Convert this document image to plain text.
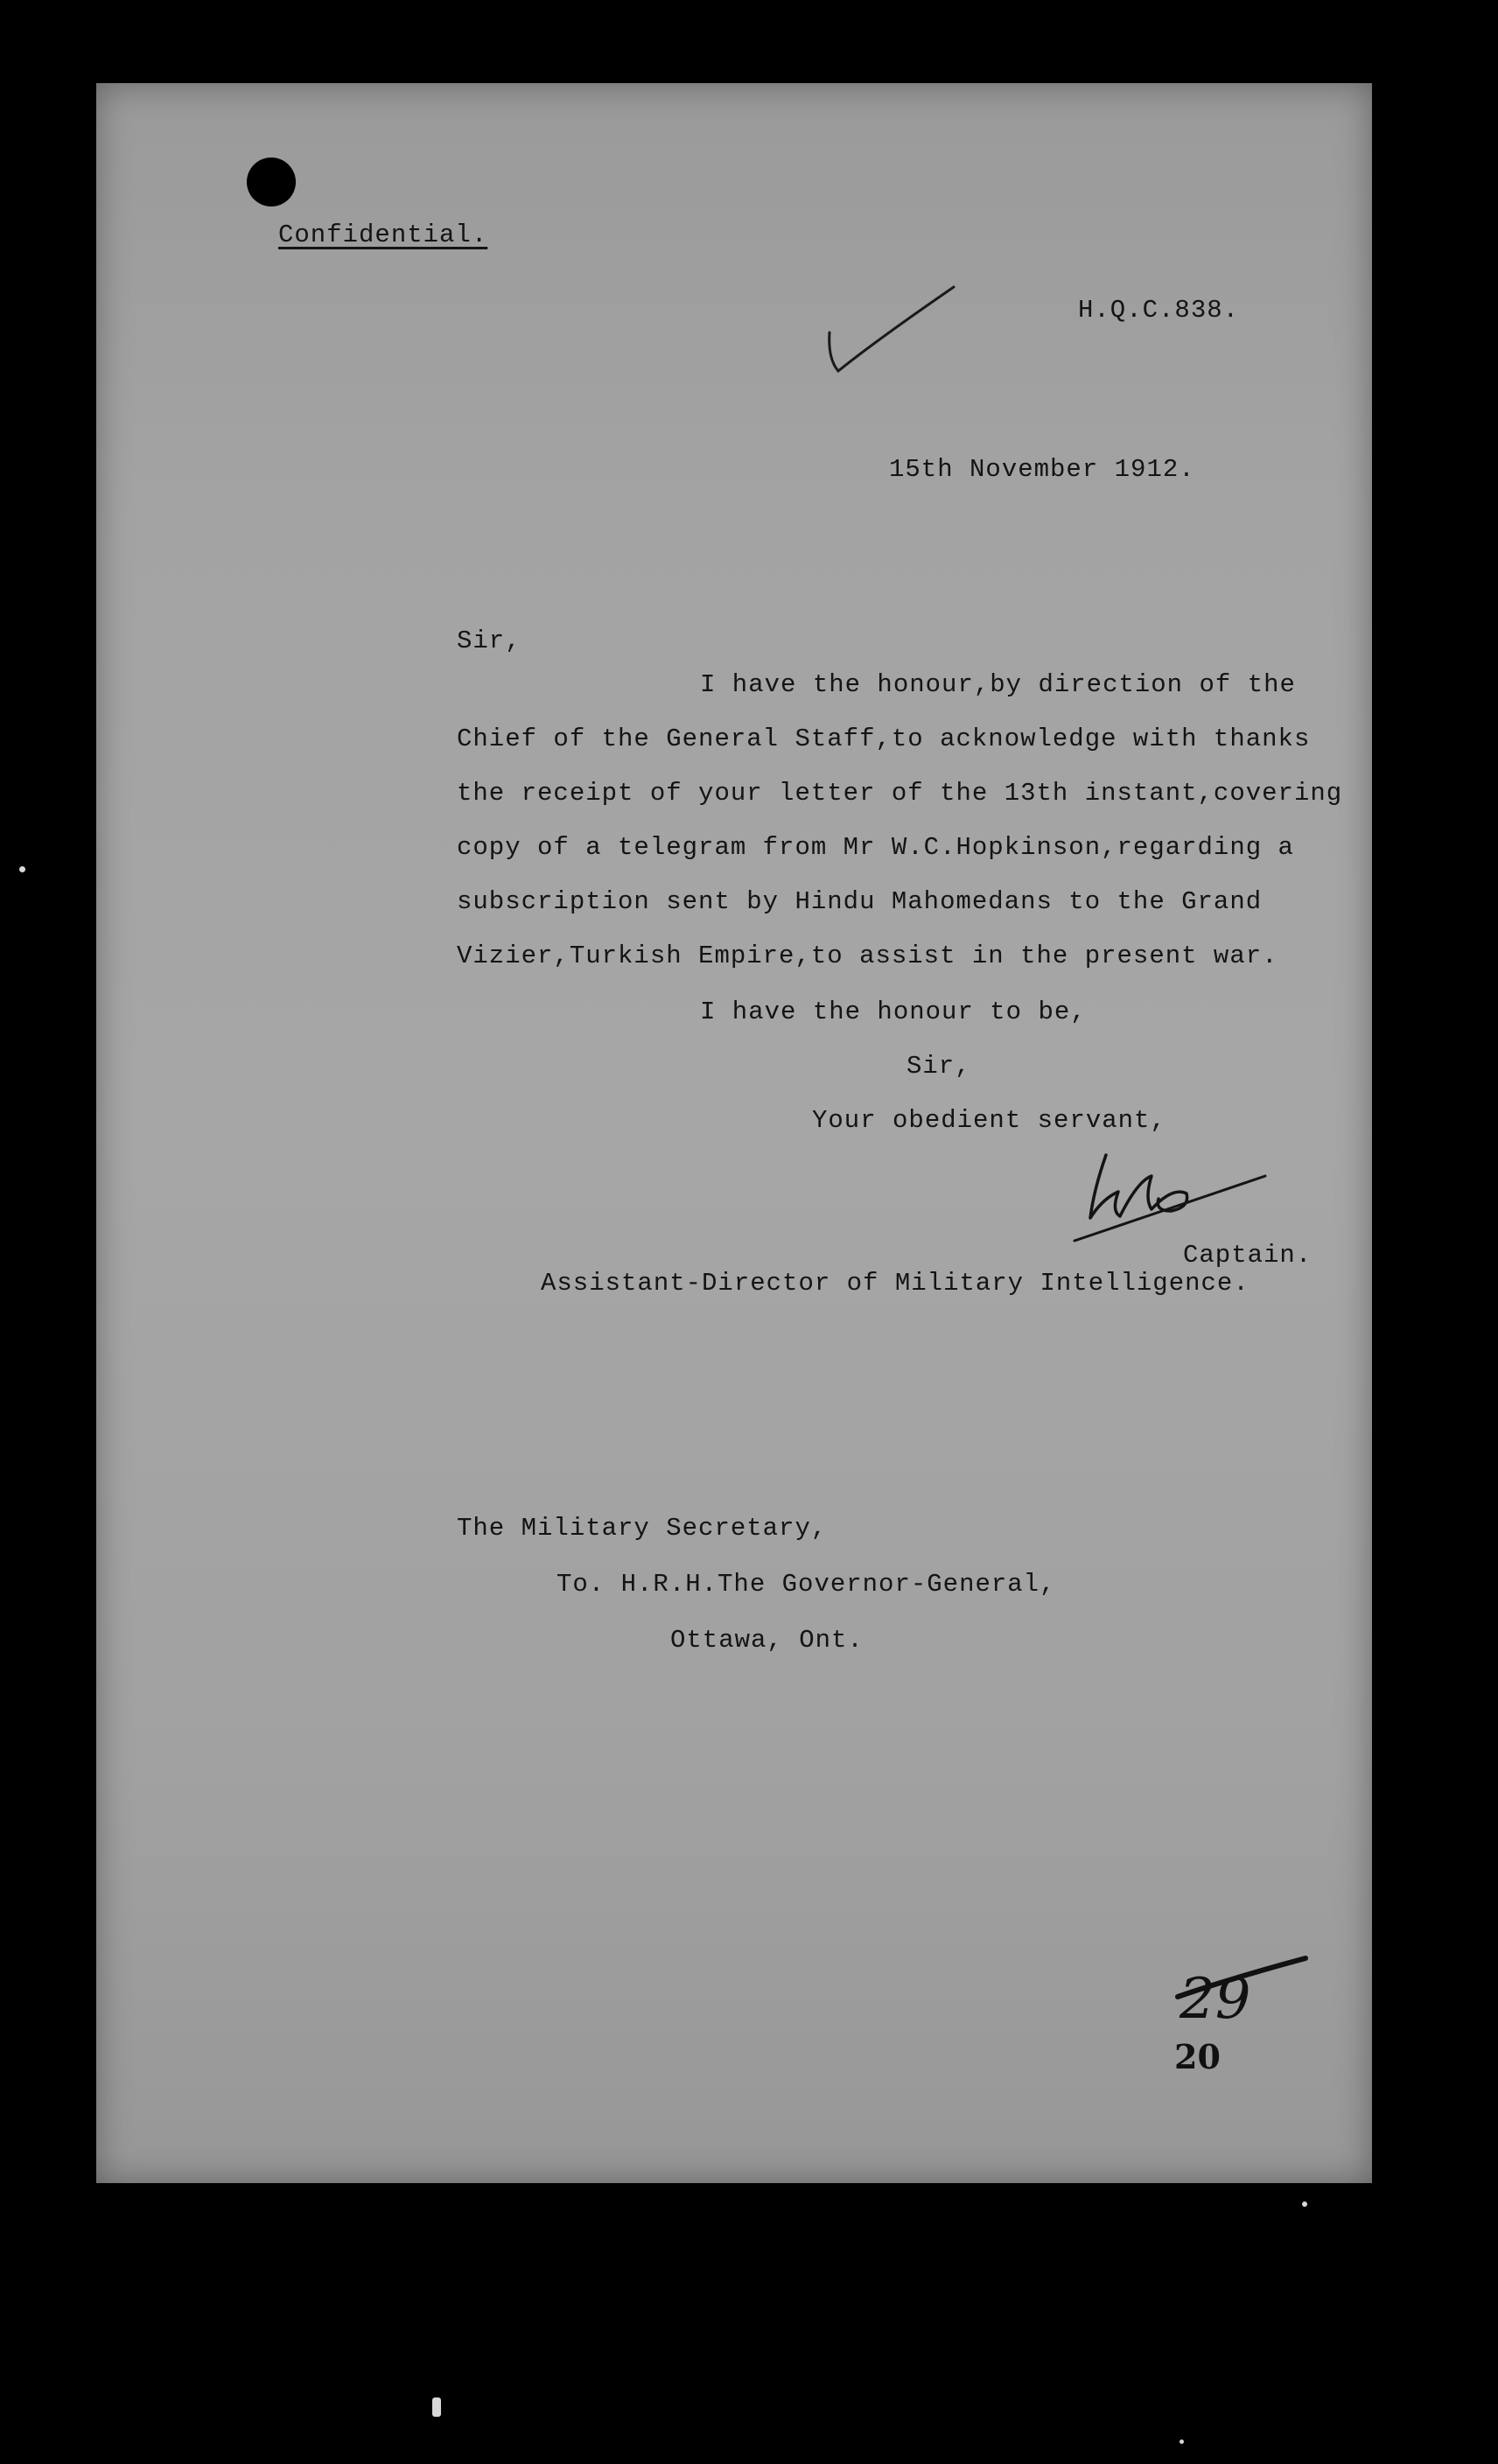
Confidential.
H.Q.C.838.
15th November 1912.
Sir,
I have the honour,by direction of the
Chief of the General Staff,to acknowledge with thanks
the receipt of your letter of the 13th instant,covering
copy of a telegram from Mr W.C.Hopkinson,regarding a
subscription sent by Hindu Mahomedans to the Grand
Vizier,Turkish Empire,to assist in the present war.
I have the honour to be,
Sir,
Your obedient servant,
Captain.
Assistant-Director of Military Intelligence.
The Military Secretary,
To. H.R.H.The Governor-General,
Ottawa, Ont.
29
20
